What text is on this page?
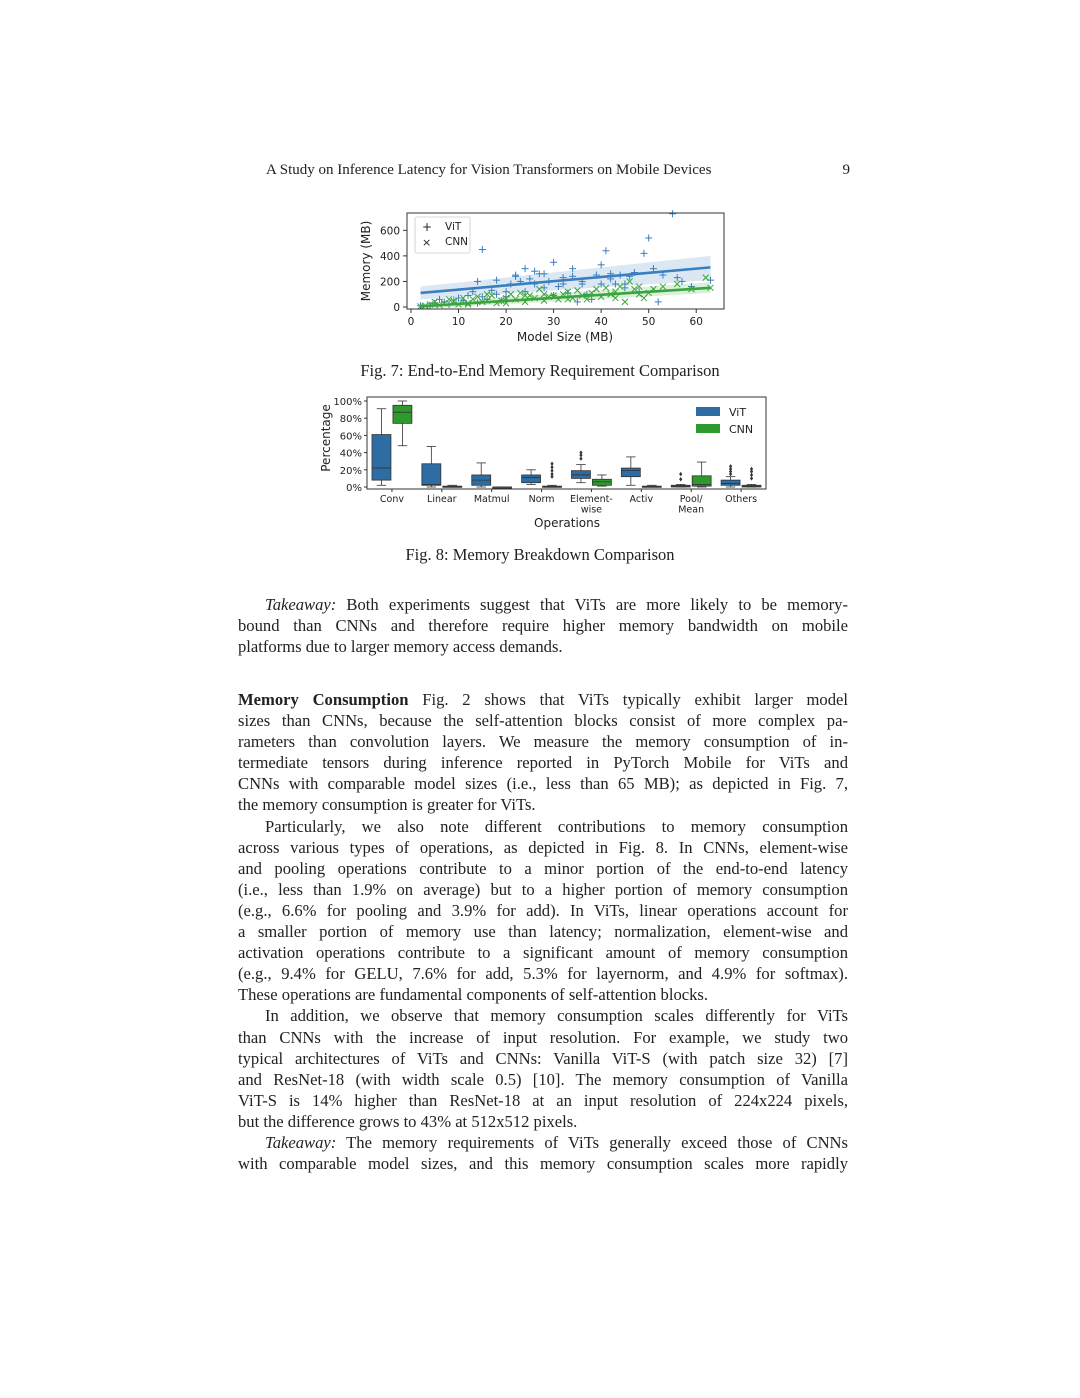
A Study on Inference Latency for Vision Transformers on Mobile Devices	9
0	10	20	30	40	50	60
0
200
400
600
Model Size (MB)
Memory (MB)	+ ViT
× CNN
Fig. 7: End-to-End Memory Requirement Comparison
0%
20%
40%
60%
80%
100%
Conv Linear Matmul Norm Element-
wise
Activ	Pool/
Mean
Others
Operations
Percentage	ViT
CNN
Fig. 8: Memory Breakdown Comparison

Takeaway: Both experiments suggest that ViTs are more likely to be memory-

bound than CNNs and therefore require higher memory bandwidth on mobile

platforms due to larger memory access demands.

Memory Consumption Fig. 2 shows that ViTs typically exhibit larger model

sizes than CNNs, because the self-attention blocks consist of more complex pa-

rameters than convolution layers. We measure the memory consumption of in-

termediate tensors during inference reported in PyTorch Mobile for ViTs and

CNNs with comparable model sizes (i.e., less than 65 MB); as depicted in Fig. 7,

the memory consumption is greater for ViTs.

Particularly, we also note different contributions to memory consumption

across various types of operations, as depicted in Fig. 8. In CNNs, element-wise

and pooling operations contribute to a minor portion of the end-to-end latency

(i.e., less than 1.9% on average) but to a higher portion of memory consumption

(e.g., 6.6% for pooling and 3.9% for add). In ViTs, linear operations account for

a smaller portion of memory use than latency; normalization, element-wise and

activation operations contribute to a significant amount of memory consumption

(e.g., 9.4% for GELU, 7.6% for add, 5.3% for layernorm, and 4.9% for softmax).

These operations are fundamental components of self-attention blocks.

In addition, we observe that memory consumption scales differently for ViTs

than CNNs with the increase of input resolution. For example, we study two

typical architectures of ViTs and CNNs: Vanilla ViT-S (with patch size 32) [7]

and ResNet-18 (with width scale 0.5) [10]. The memory consumption of Vanilla

ViT-S is 14% higher than ResNet-18 at an input resolution of 224x224 pixels,

but the difference grows to 43% at 512x512 pixels.

Takeaway: The memory requirements of ViTs generally exceed those of CNNs

with comparable model sizes, and this memory consumption scales more rapidly
